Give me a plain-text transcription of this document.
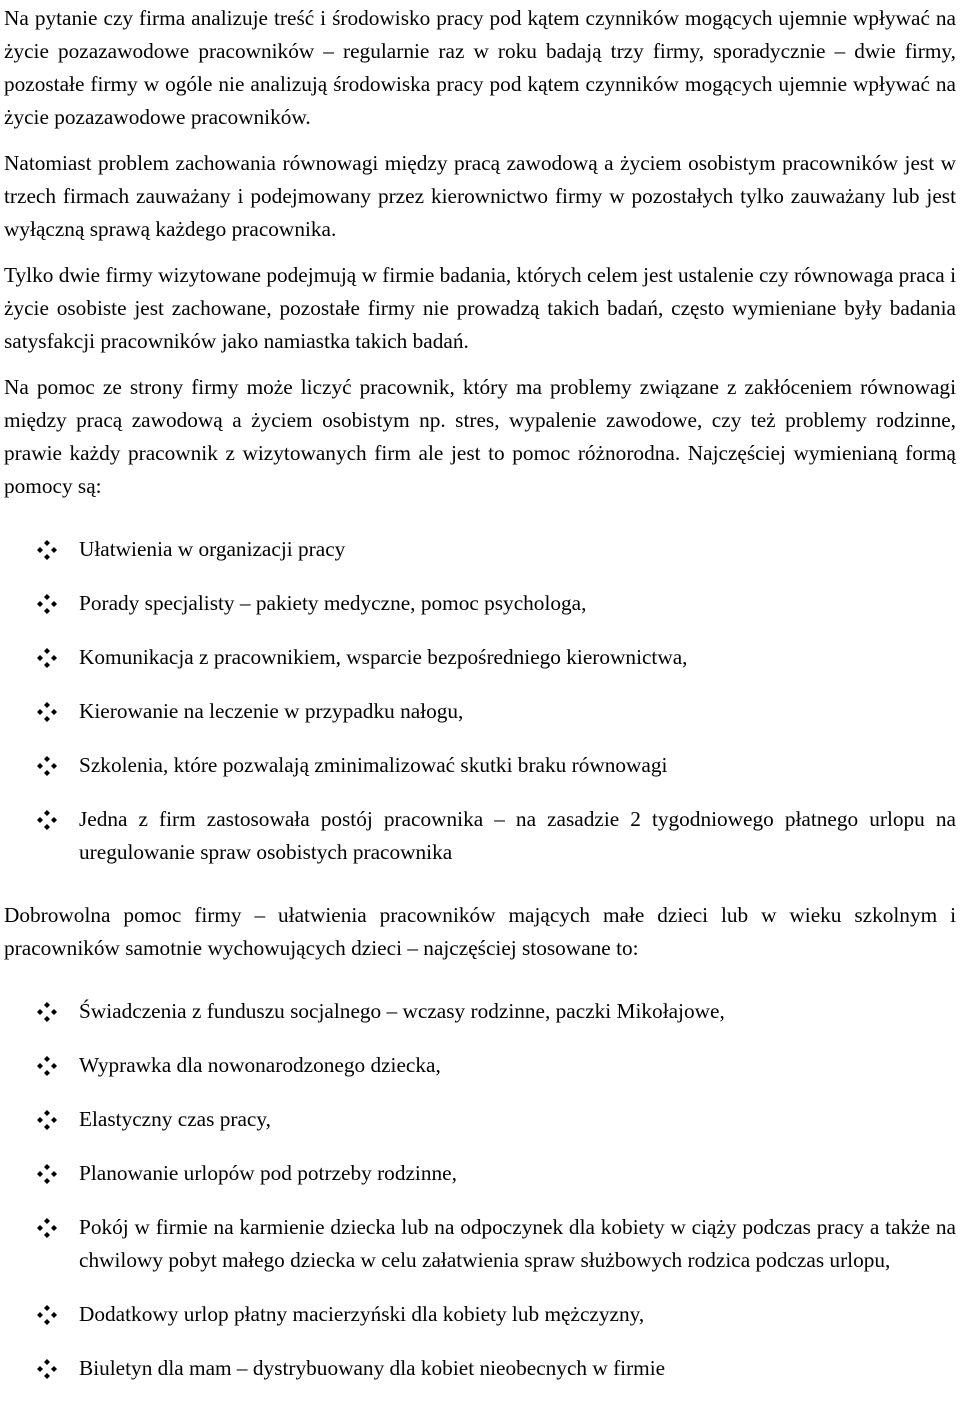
Na pytanie czy firma analizuje treść i środowisko pracy pod kątem czynników mogących ujemnie wpływać na życie pozazawodowe pracowników – regularnie raz w roku badają trzy firmy, sporadycznie – dwie firmy, pozostałe firmy w ogóle nie analizują środowiska pracy pod kątem czynników mogących ujemnie wpływać na życie pozazawodowe pracowników.

Natomiast problem zachowania równowagi między pracą zawodową a życiem osobistym pracowników jest w trzech firmach zauważany i podejmowany przez kierownictwo firmy w pozostałych tylko zauważany lub jest wyłączną sprawą każdego pracownika.

Tylko dwie firmy wizytowane podejmują w firmie badania, których celem jest ustalenie czy równowaga praca i życie osobiste jest zachowane, pozostałe firmy nie prowadzą takich badań, często wymieniane były badania satysfakcji pracowników jako namiastka takich badań.

Na pomoc ze strony firmy może liczyć pracownik, który ma problemy związane z zakłóceniem równowagi między pracą zawodową a życiem osobistym np. stres, wypalenie zawodowe, czy też problemy rodzinne, prawie każdy pracownik z wizytowanych firm ale jest to pomoc różnorodna. Najczęściej wymienianą formą pomocy są:

Ułatwienia w organizacji pracy
Porady specjalisty – pakiety medyczne, pomoc psychologa,
Komunikacja z pracownikiem, wsparcie bezpośredniego kierownictwa,
Kierowanie na leczenie w przypadku nałogu,
Szkolenia, które pozwalają zminimalizować skutki braku równowagi
Jedna z firm zastosowała postój pracownika – na zasadzie 2 tygodniowego płatnego urlopu na uregulowanie spraw osobistych pracownika

Dobrowolna pomoc firmy – ułatwienia pracowników mających małe dzieci lub w wieku szkolnym i pracowników samotnie wychowujących dzieci – najczęściej stosowane to:

Świadczenia z funduszu socjalnego – wczasy rodzinne, paczki Mikołajowe,
Wyprawka dla nowonarodzonego dziecka,
Elastyczny czas pracy,
Planowanie urlopów pod potrzeby rodzinne,
Pokój w firmie na karmienie dziecka lub na odpoczynek dla kobiety w ciąży podczas pracy a także na chwilowy pobyt małego dziecka w celu załatwienia spraw służbowych rodzica podczas urlopu,
Dodatkowy urlop płatny macierzyński dla kobiety lub mężczyzny,
Biuletyn dla mam – dystrybuowany dla kobiet nieobecnych w firmie
